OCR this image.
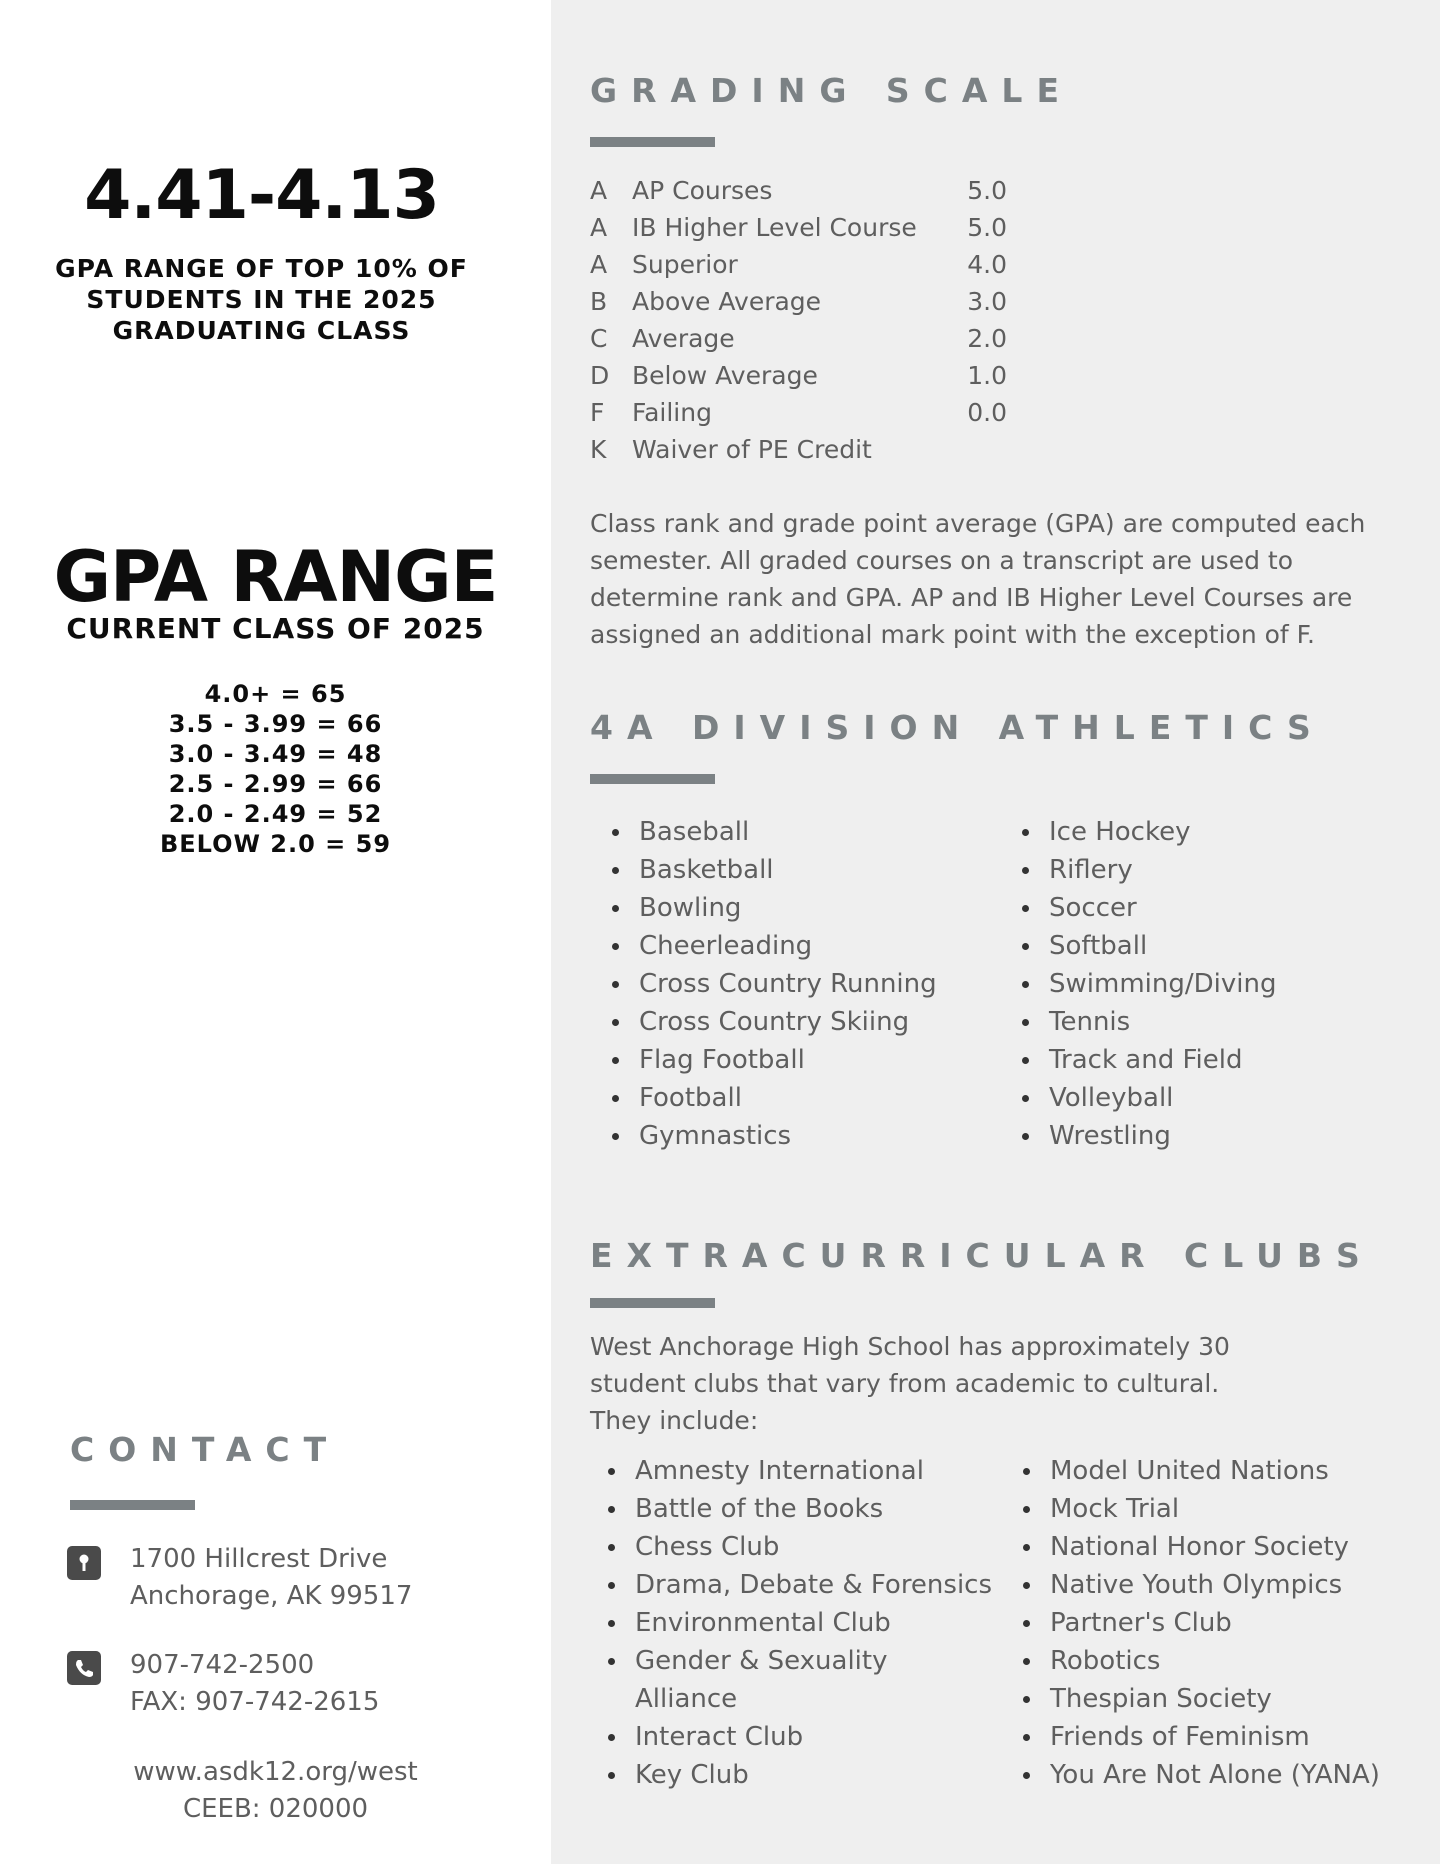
4.41-4.13
GPA RANGE OF TOP 10% OF STUDENTS IN THE 2025 GRADUATING CLASS
GPA RANGE
CURRENT CLASS OF 2025
4.0+ = 65
3.5 - 3.99 = 66
3.0 - 3.49 = 48
2.5 - 2.99 = 66
2.0 - 2.49 = 52
BELOW 2.0 = 59
CONTACT
1700 Hillcrest Drive
Anchorage, AK 99517
907-742-2500
FAX: 907-742-2615
www.asdk12.org/west
CEEB: 020000
GRADING SCALE
A	AP Courses	5.0
A	IB Higher Level Course	5.0
A	Superior	4.0
B	Above Average	3.0
C	Average	2.0
D	Below Average	1.0
F	Failing	0.0
K	Waiver of PE Credit	
Class rank and grade point average (GPA) are computed each semester. All graded courses on a transcript are used to determine rank and GPA. AP and IB Higher Level Courses are assigned an additional mark point with the exception of F.
4A DIVISION ATHLETICS
Baseball
Basketball
Bowling
Cheerleading
Cross Country Running
Cross Country Skiing
Flag Football
Football
Gymnastics
Ice Hockey
Riflery
Soccer
Softball
Swimming/Diving
Tennis
Track and Field
Volleyball
Wrestling
EXTRACURRICULAR CLUBS
West Anchorage High School has approximately 30
student clubs that vary from academic to cultural.
They include:
Amnesty International
Battle of the Books
Chess Club
Drama, Debate & Forensics
Environmental Club
Gender & Sexuality Alliance
Interact Club
Key Club
Model United Nations
Mock Trial
National Honor Society
Native Youth Olympics
Partner's Club
Robotics
Thespian Society
Friends of Feminism
You Are Not Alone (YANA)
